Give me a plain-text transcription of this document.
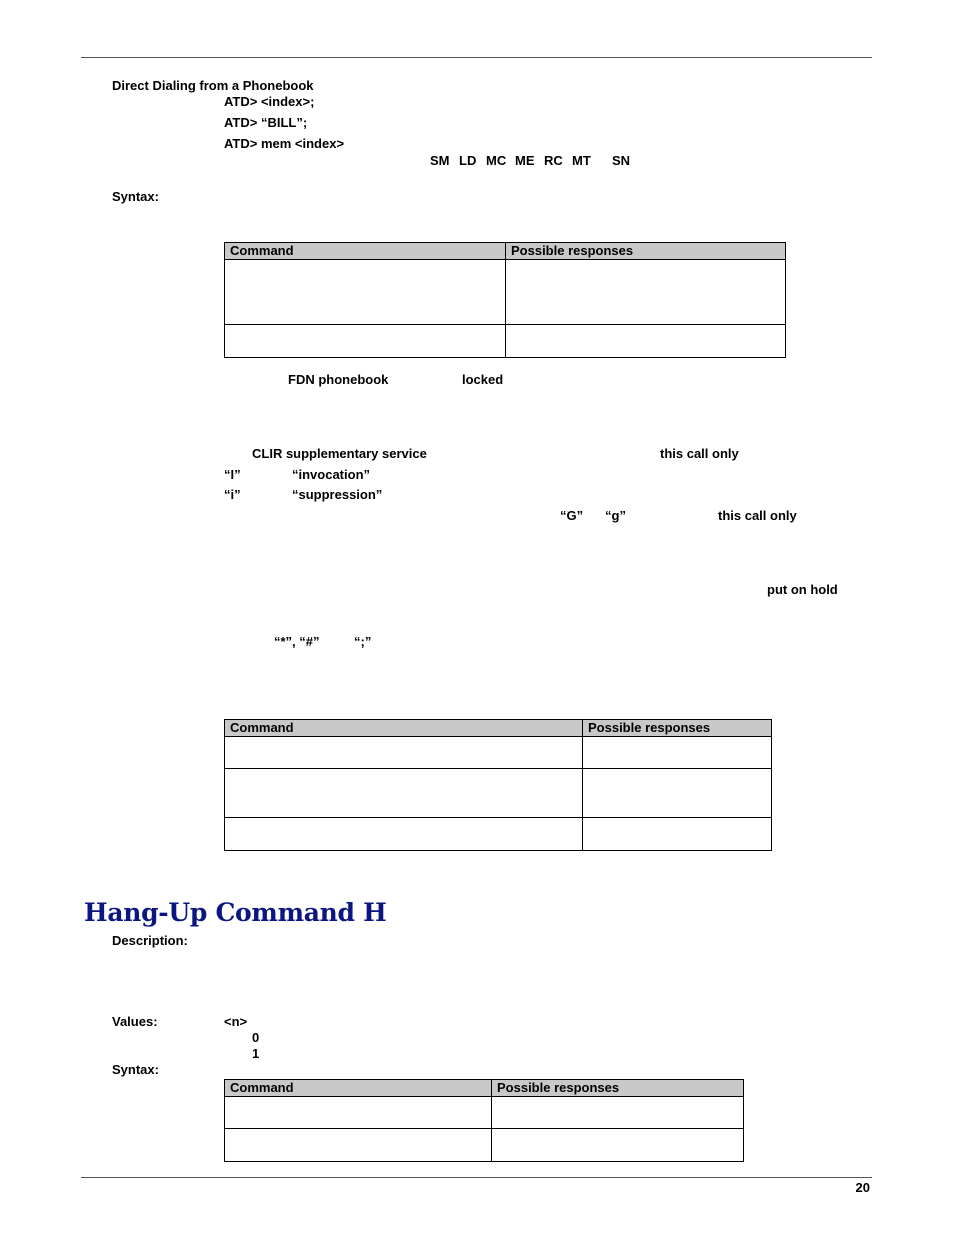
Direct Dialing from a Phonebook
ATD> <index>;
ATD> “BILL”;
ATD> mem <index>
SM LD MC ME RC MT SN
Syntax:
Command	Possible responses

FDN phonebook	locked
CLIR supplementary service	this call only
“I”	“invocation”
“i”	“suppression”
“G” “g”	this call only
put on hold
“*”, “#”	“;”
Command	Possible responses

Hang-Up Command H
Description:
Values:	<n>
0
1
Syntax:
Command	Possible responses

20
